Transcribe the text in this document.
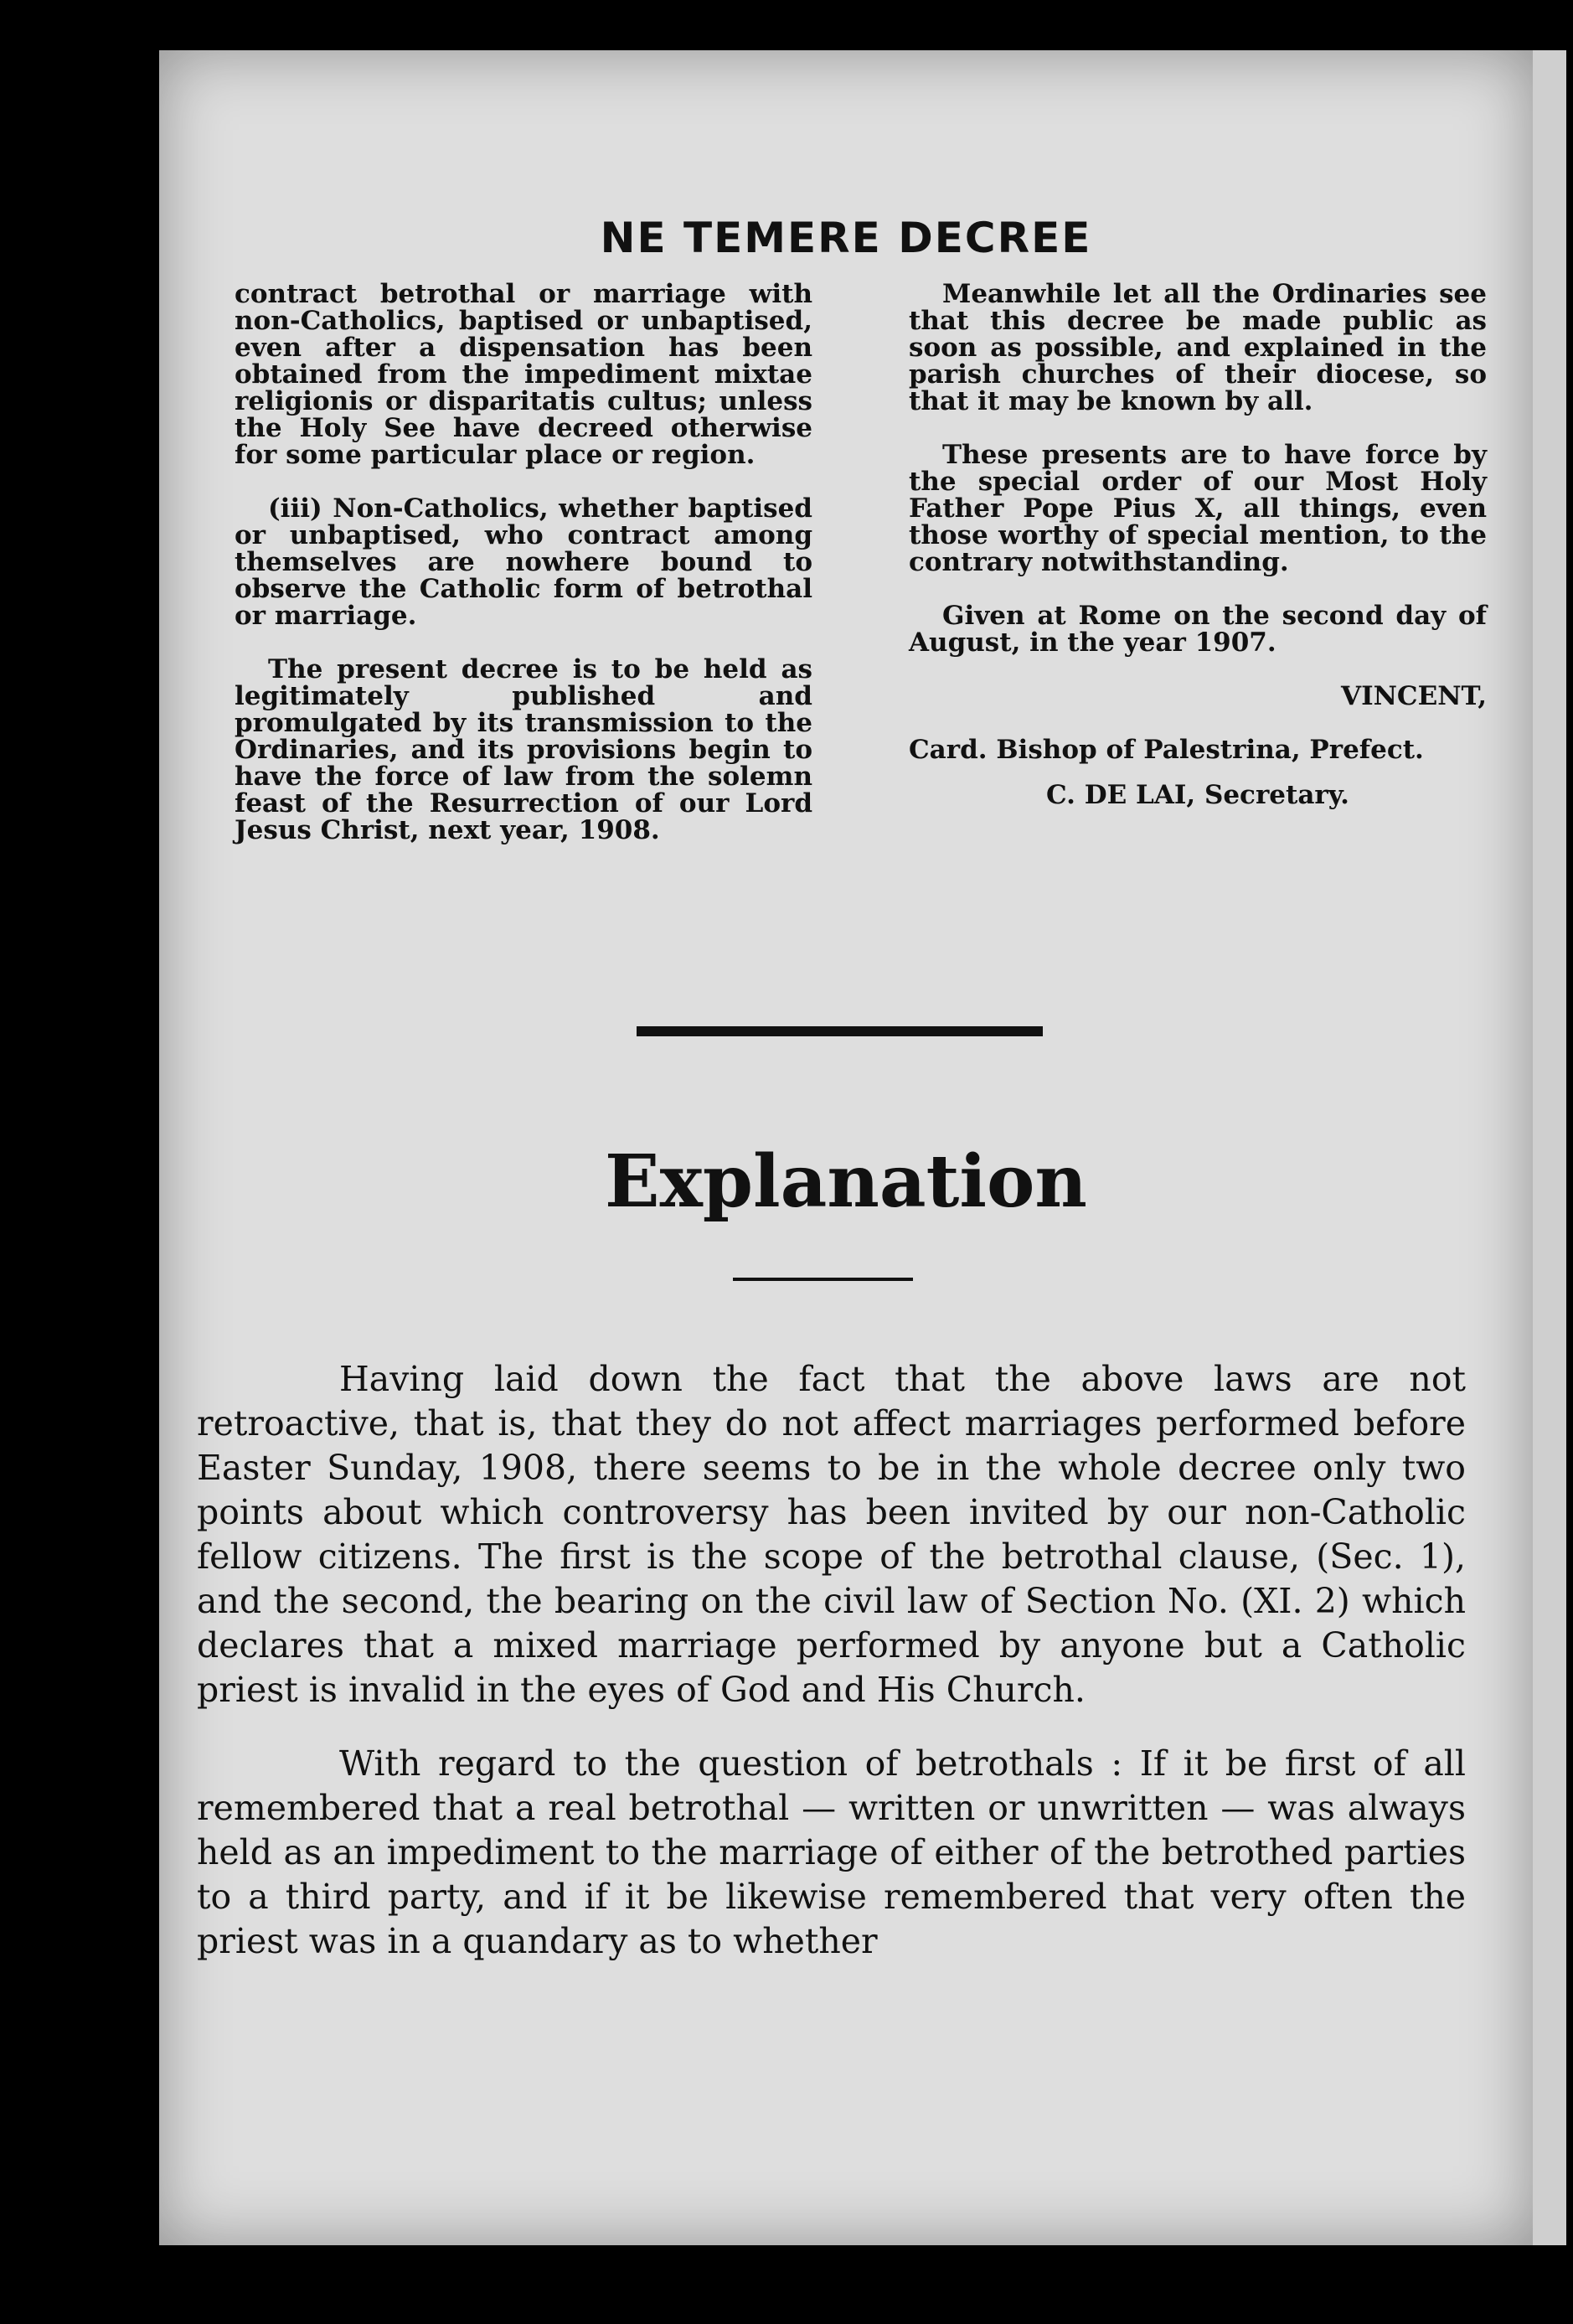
NE TEMERE DECREE

contract betrothal or marriage with non-Catholics, baptised or unbaptised, even after a dispensation has been obtained from the impediment mixtae religionis or disparitatis cultus; unless the Holy See have decreed otherwise for some particular place or region.

(iii) Non-Catholics, whether baptised or unbaptised, who contract among themselves are nowhere bound to observe the Catholic form of betrothal or marriage.

The present decree is to be held as legitimately published and promulgated by its transmission to the Ordinaries, and its provisions begin to have the force of law from the solemn feast of the Resurrection of our Lord Jesus Christ, next year, 1908.

Meanwhile let all the Ordinaries see that this decree be made public as soon as possible, and explained in the parish churches of their diocese, so that it may be known by all.

These presents are to have force by the special order of our Most Holy Father Pope Pius X, all things, even those worthy of special mention, to the contrary notwithstanding.

Given at Rome on the second day of August, in the year 1907.

VINCENT,

Card. Bishop of Palestrina, Prefect.

C. DE LAI, Secretary.

Explanation

Having laid down the fact that the above laws are not retroactive, that is, that they do not affect marriages performed before Easter Sunday, 1908, there seems to be in the whole decree only two points about which controversy has been invited by our non-Catholic fellow citizens. The first is the scope of the betrothal clause, (Sec. 1), and the second, the bearing on the civil law of Section No. (XI. 2) which declares that a mixed marriage performed by anyone but a Catholic priest is invalid in the eyes of God and His Church.

With regard to the question of betrothals : If it be first of all remembered that a real betrothal — written or unwritten — was always held as an impediment to the marriage of either of the betrothed parties to a third party, and if it be likewise remembered that very often the priest was in a quandary as to whether
